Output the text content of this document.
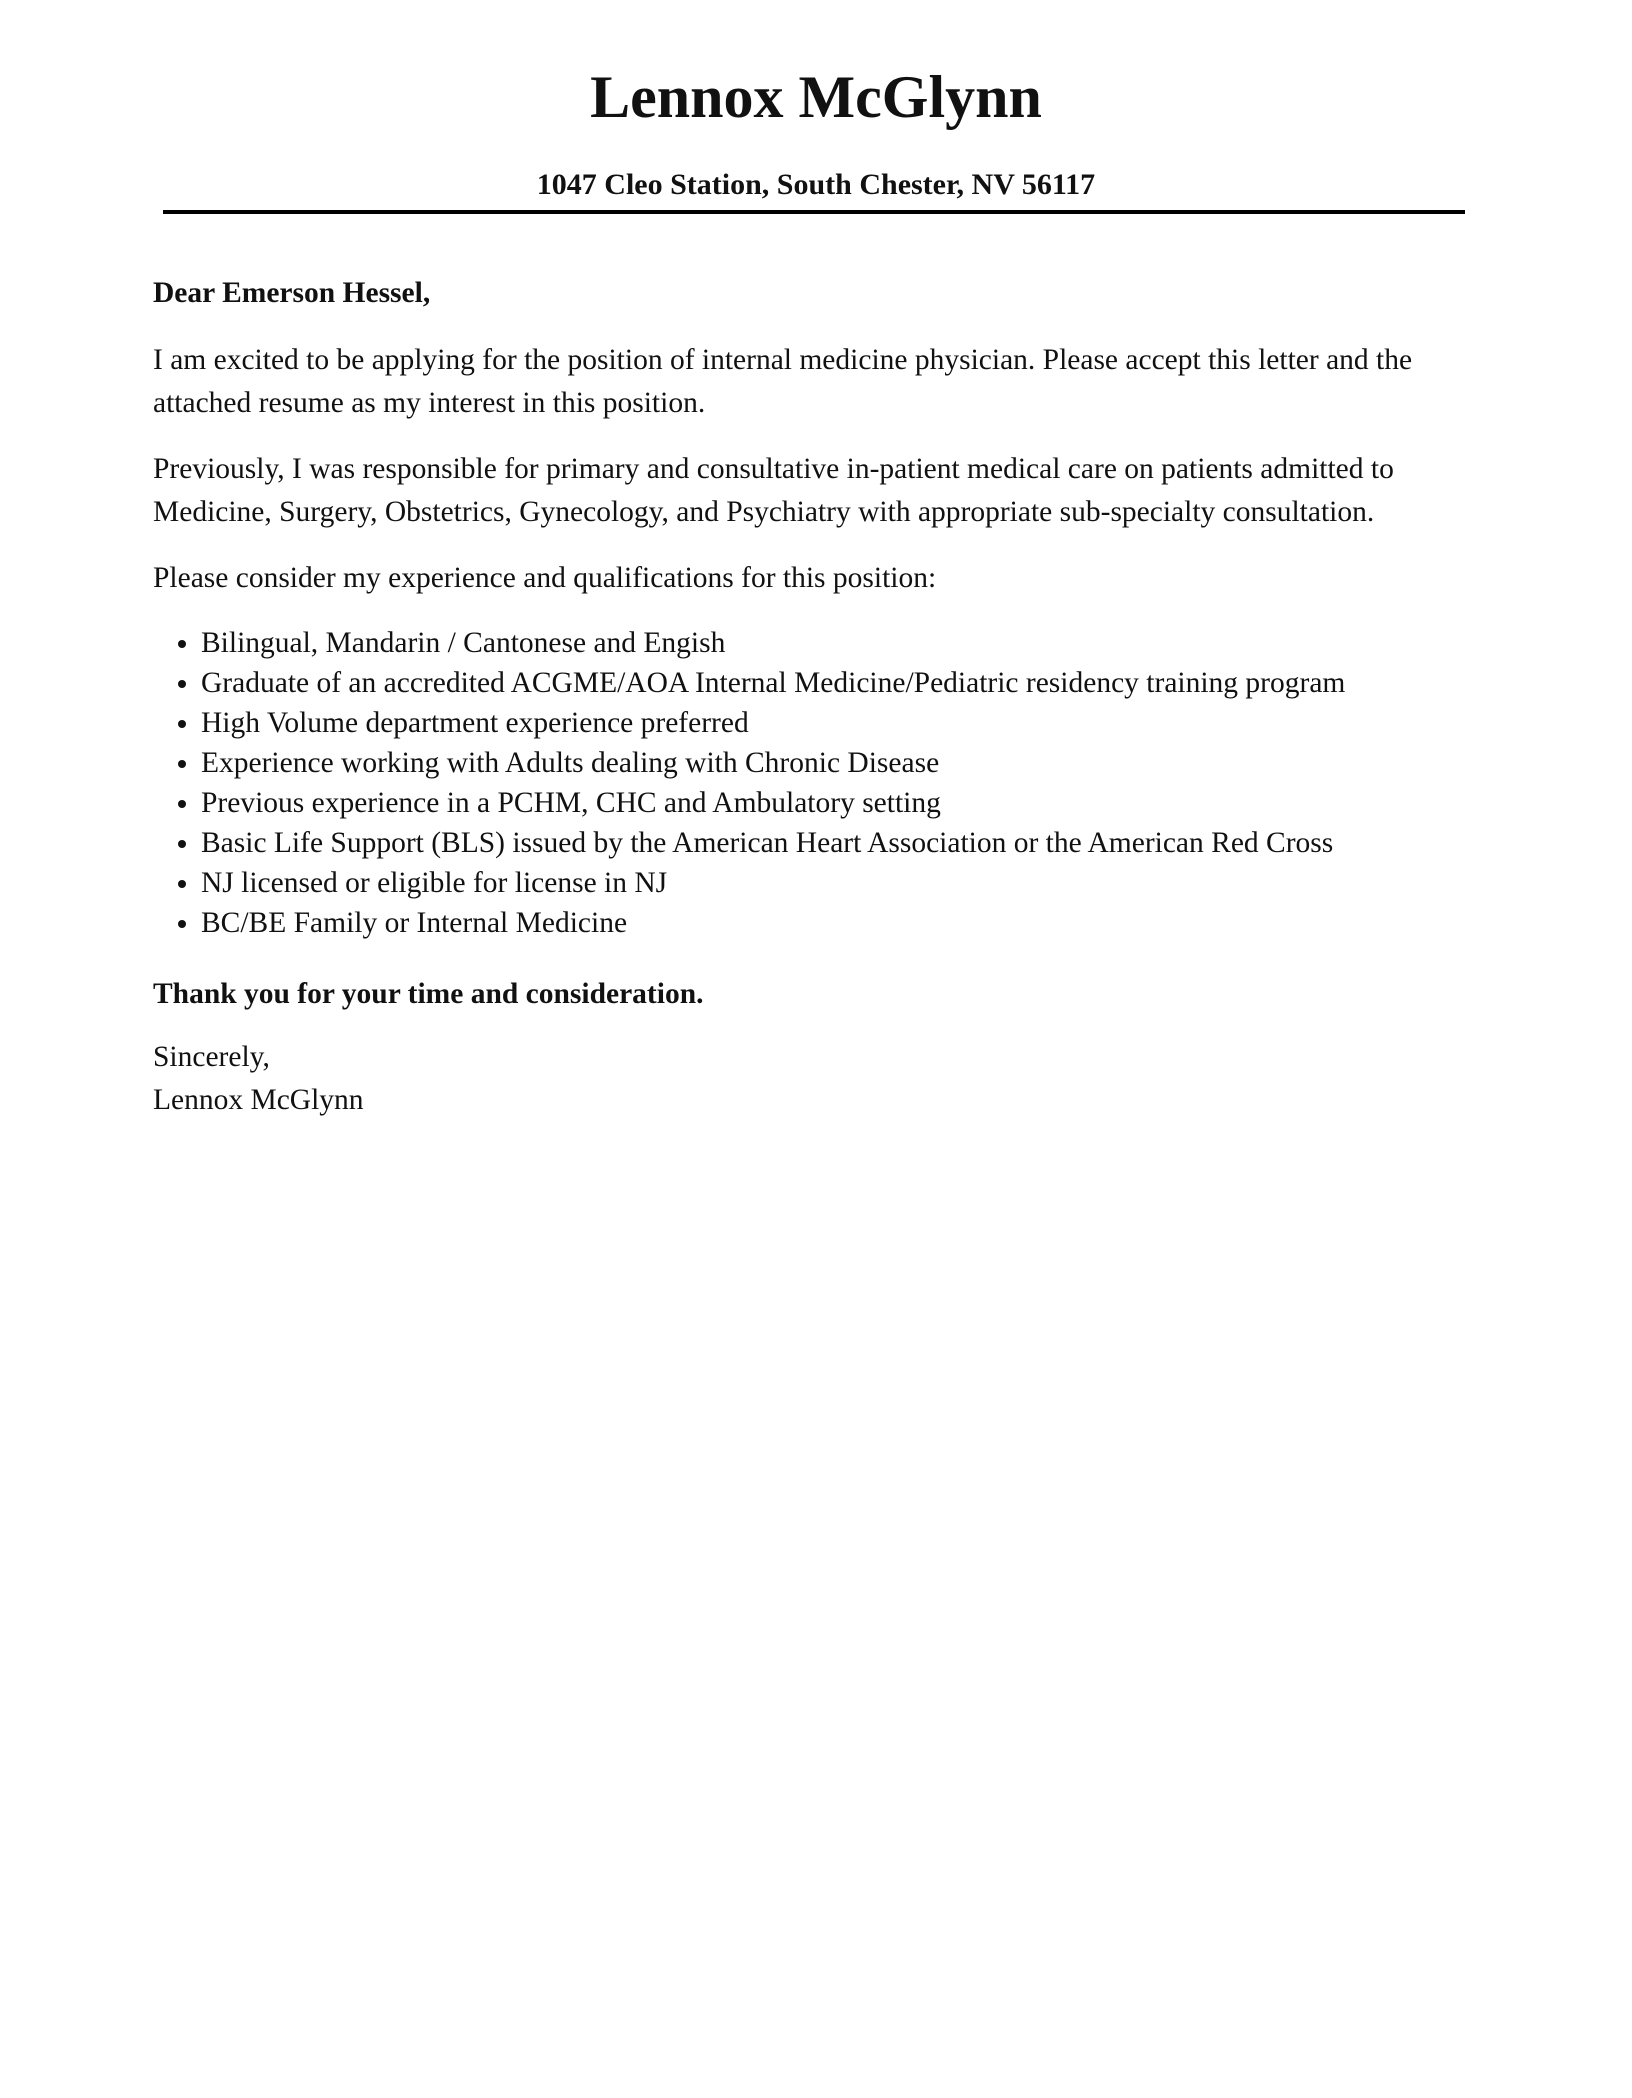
Lennox McGlynn
1047 Cleo Station, South Chester, NV 56117

Dear Emerson Hessel,

I am excited to be applying for the position of internal medicine physician. Please accept this letter and the attached resume as my interest in this position.

Previously, I was responsible for primary and consultative in-patient medical care on patients admitted to Medicine, Surgery, Obstetrics, Gynecology, and Psychiatry with appropriate sub-specialty consultation.

Please consider my experience and qualifications for this position:

• Bilingual, Mandarin / Cantonese and Engish
• Graduate of an accredited ACGME/AOA Internal Medicine/Pediatric residency training program
• High Volume department experience preferred
• Experience working with Adults dealing with Chronic Disease
• Previous experience in a PCHM, CHC and Ambulatory setting
• Basic Life Support (BLS) issued by the American Heart Association or the American Red Cross
• NJ licensed or eligible for license in NJ
• BC/BE Family or Internal Medicine

Thank you for your time and consideration.

Sincerely,
Lennox McGlynn
